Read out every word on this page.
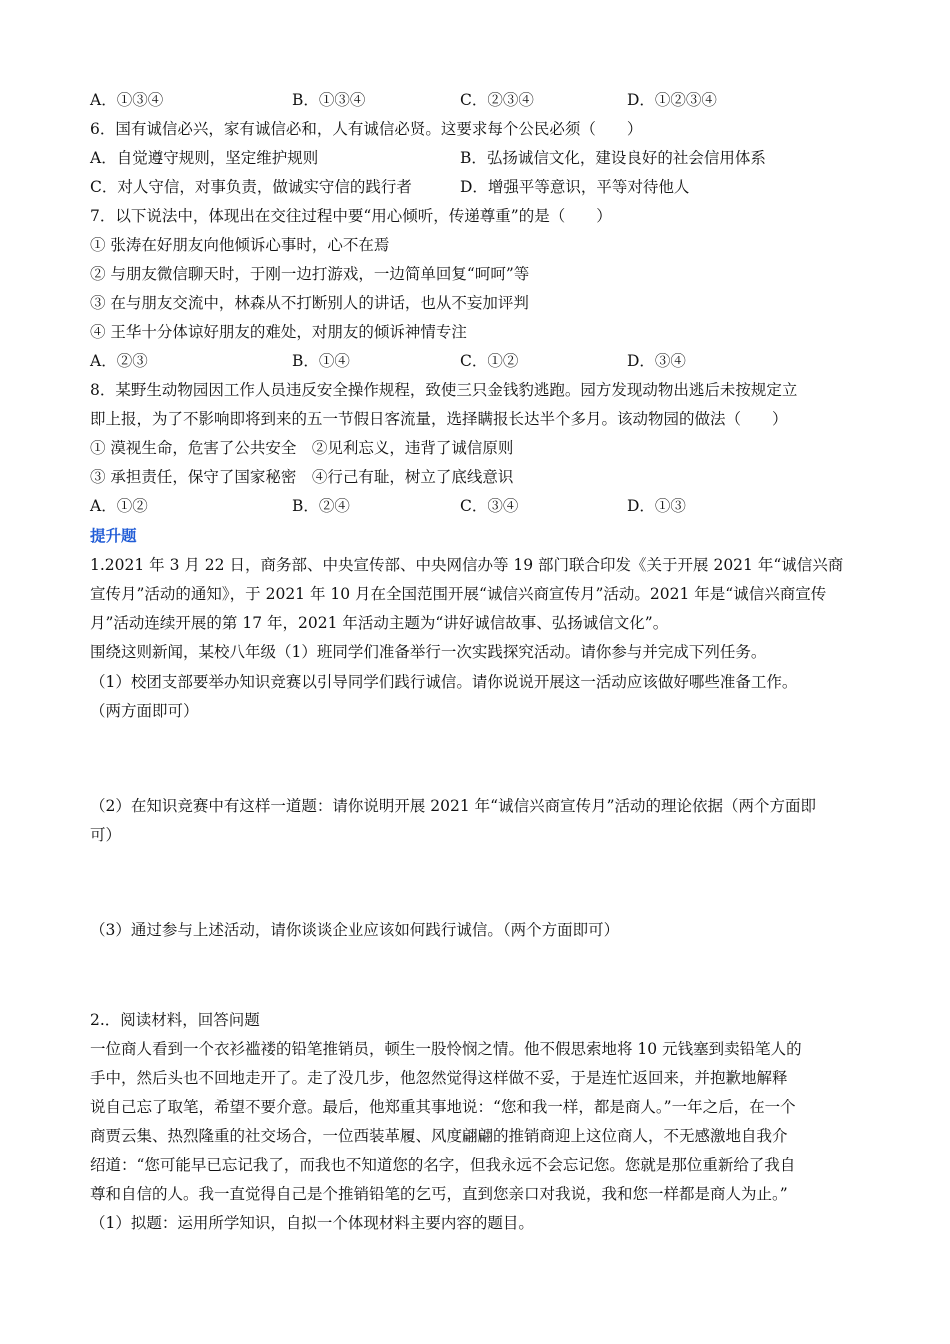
A．①③④	B．①③④	C．②③④	D．①②③④
6．国有诚信必兴，家有诚信必和，人有诚信必贤。这要求每个公民必须（　　）
A．自觉遵守规则，坚定维护规则	B．弘扬诚信文化，建设良好的社会信用体系
C．对人守信，对事负责，做诚实守信的践行者	D．增强平等意识，平等对待他人
7．以下说法中，体现出在交往过程中要“用心倾听，传递尊重”的是（　　）
① 张涛在好朋友向他倾诉心事时，心不在焉
② 与朋友微信聊天时，于刚一边打游戏，一边简单回复“呵呵”等
③ 在与朋友交流中，林森从不打断别人的讲话，也从不妄加评判
④ 王华十分体谅好朋友的难处，对朋友的倾诉神情专注
A．②③	B．①④	C．①②	D．③④
8．某野生动物园因工作人员违反安全操作规程，致使三只金钱豹逃跑。园方发现动物出逃后未按规定立
即上报，为了不影响即将到来的五一节假日客流量，选择瞒报长达半个多月。该动物园的做法（　　）
① 漠视生命，危害了公共安全　②见利忘义，违背了诚信原则
③ 承担责任，保守了国家秘密　④行己有耻，树立了底线意识
A．①②	B．②④	C．③④	D．①③
提升题
1.2021 年 3 月 22 日，商务部、中央宣传部、中央网信办等 19 部门联合印发《关于开展 2021 年“诚信兴商
宣传月”活动的通知》，于 2021 年 10 月在全国范围开展“诚信兴商宣传月”活动。2021 年是“诚信兴商宣传
月”活动连续开展的第 17 年，2021 年活动主题为“讲好诚信故事、弘扬诚信文化”。
围绕这则新闻，某校八年级（1）班同学们准备举行一次实践探究活动。请你参与并完成下列任务。
（1）校团支部要举办知识竞赛以引导同学们践行诚信。请你说说开展这一活动应该做好哪些准备工作。
（两方面即可）
（2）在知识竞赛中有这样一道题：请你说明开展 2021 年“诚信兴商宣传月”活动的理论依据（两个方面即
可）
（3）通过参与上述活动，请你谈谈企业应该如何践行诚信。（两个方面即可）
2.．阅读材料，回答问题
一位商人看到一个衣衫褴褛的铅笔推销员，顿生一股怜悯之情。他不假思索地将 10 元钱塞到卖铅笔人的
手中，然后头也不回地走开了。走了没几步，他忽然觉得这样做不妥，于是连忙返回来，并抱歉地解释
说自己忘了取笔，希望不要介意。最后，他郑重其事地说：“您和我一样，都是商人。”一年之后，在一个
商贾云集、热烈隆重的社交场合，一位西装革履、风度翩翩的推销商迎上这位商人，不无感激地自我介
绍道：“您可能早已忘记我了，而我也不知道您的名字，但我永远不会忘记您。您就是那位重新给了我自
尊和自信的人。我一直觉得自己是个推销铅笔的乞丐，直到您亲口对我说，我和您一样都是商人为止。”
（1）拟题：运用所学知识，自拟一个体现材料主要内容的题目。
